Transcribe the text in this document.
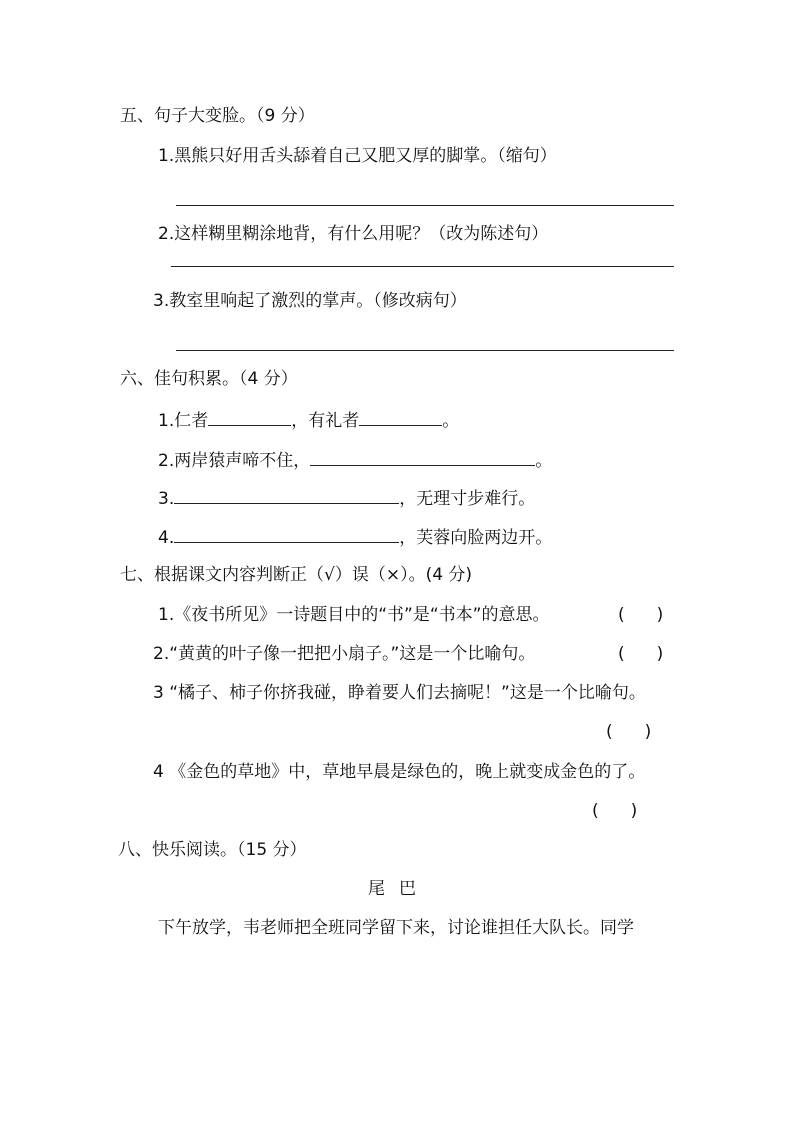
五、句子大变脸。（9 分）
1.黑熊只好用舌头舔着自己又肥又厚的脚掌。（缩句）
2.这样糊里糊涂地背，有什么用呢？（改为陈述句）
3.教室里响起了激烈的掌声。（修改病句）
六、佳句积累。（4 分）
1.仁者	，有礼者	。
2.两岸猿声啼不住，	。
3.	，无理寸步难行。
4.	，芙蓉向脸两边开。
七、根据课文内容判断正（√）误（×）。(4 分)
1.《夜书所见》一诗题目中的“书”是“书本”的意思。	( )
2.“黄黄的叶子像一把把小扇子。”这是一个比喻句。	( )
3 “橘子、柿子你挤我碰，睁着要人们去摘呢！”这是一个比喻句。
( )
4 《金色的草地》中，草地早晨是绿色的，晚上就变成金色的了。
( )
八、快乐阅读。（15 分）
尾巴
下午放学，韦老师把全班同学留下来，讨论谁担任大队长。同学
